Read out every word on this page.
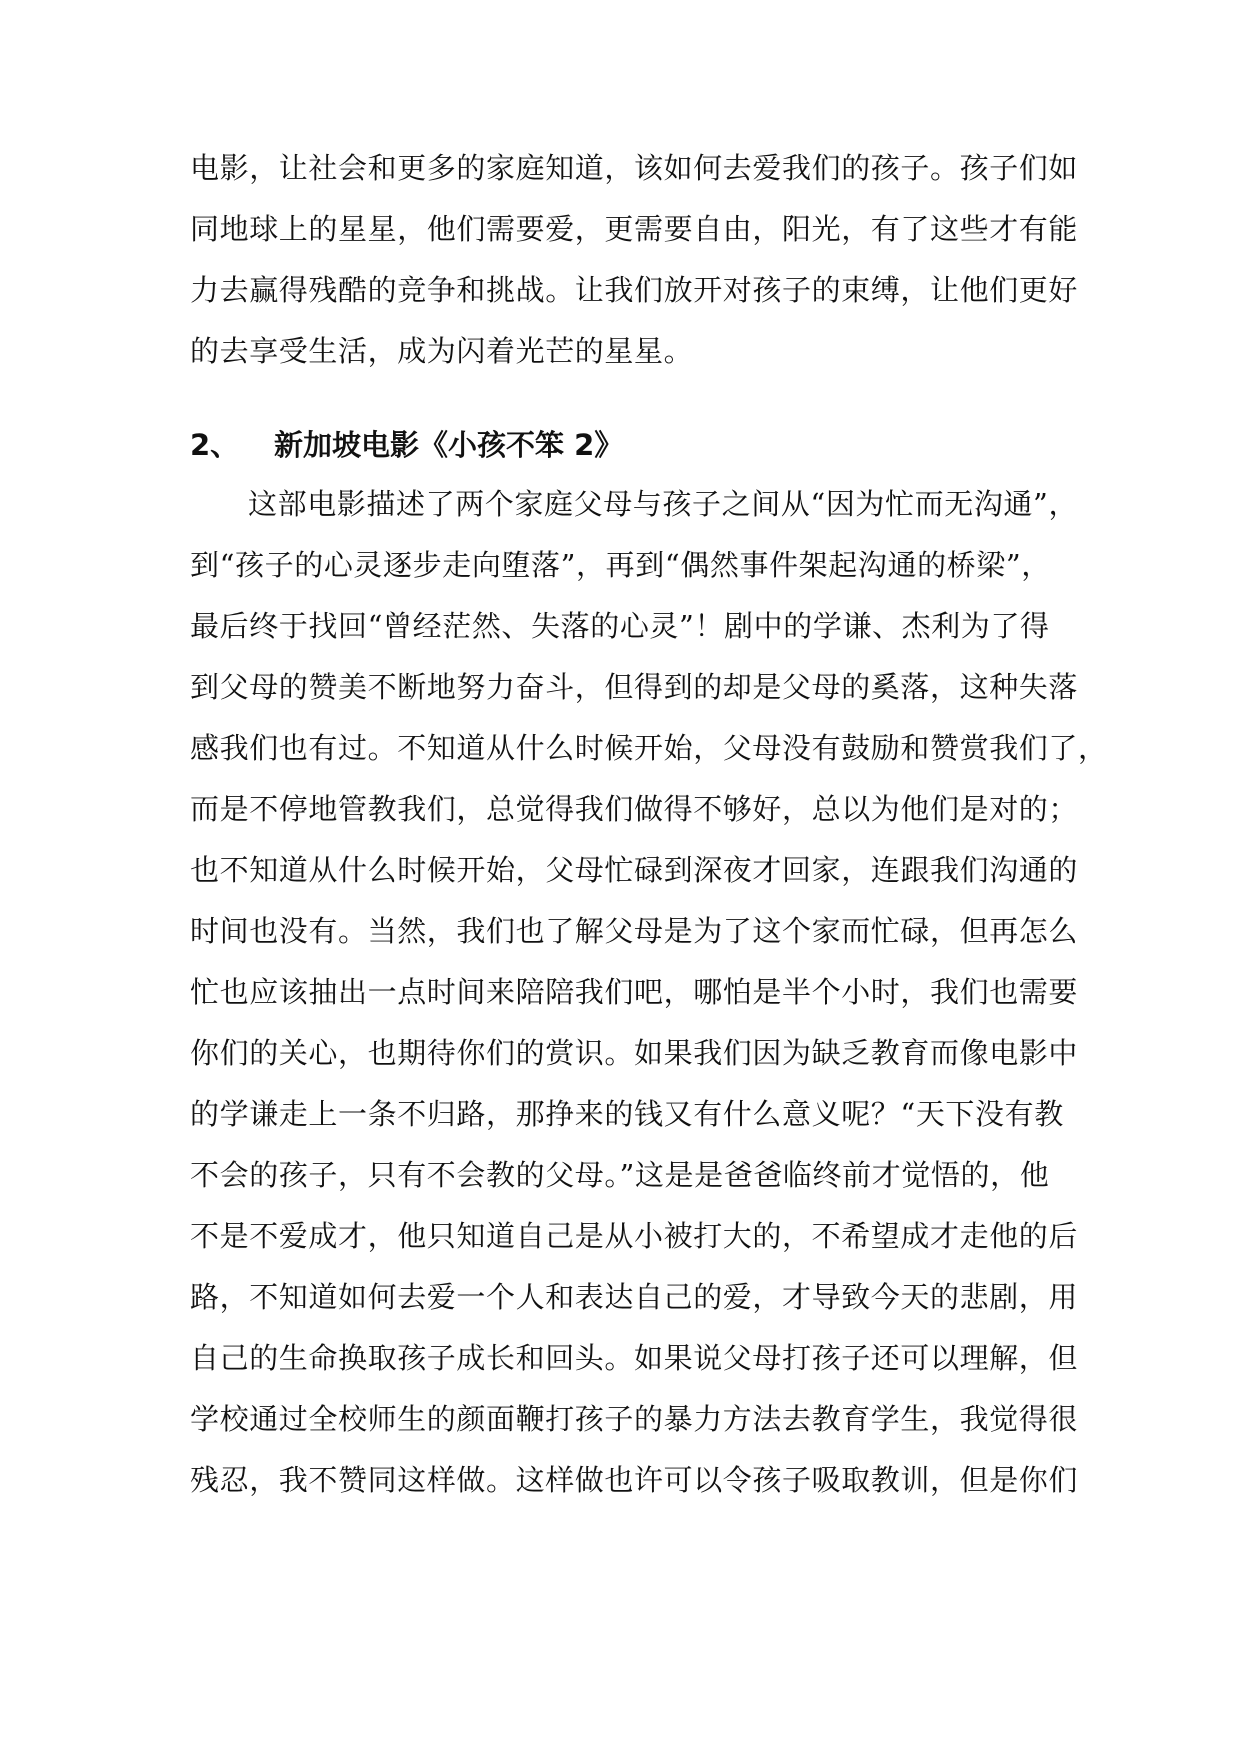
电影，让社会和更多的家庭知道，该如何去爱我们的孩子。孩子们如
同地球上的星星，他们需要爱，更需要自由，阳光，有了这些才有能
力去赢得残酷的竞争和挑战。让我们放开对孩子的束缚，让他们更好
的去享受生活，成为闪着光芒的星星。
2、 新加坡电影《小孩不笨 2》
这部电影描述了两个家庭父母与孩子之间从“因为忙而无沟通”，
到“孩子的心灵逐步走向堕落”，再到“偶然事件架起沟通的桥梁”，
最后终于找回“曾经茫然、失落的心灵”！剧中的学谦、杰利为了得
到父母的赞美不断地努力奋斗，但得到的却是父母的奚落，这种失落
感我们也有过。不知道从什么时候开始，父母没有鼓励和赞赏我们了，
而是不停地管教我们，总觉得我们做得不够好，总以为他们是对的；
也不知道从什么时候开始，父母忙碌到深夜才回家，连跟我们沟通的
时间也没有。当然，我们也了解父母是为了这个家而忙碌，但再怎么
忙也应该抽出一点时间来陪陪我们吧，哪怕是半个小时，我们也需要
你们的关心，也期待你们的赏识。如果我们因为缺乏教育而像电影中
的学谦走上一条不归路，那挣来的钱又有什么意义呢？“天下没有教
不会的孩子，只有不会教的父母。”这是是爸爸临终前才觉悟的，他
不是不爱成才，他只知道自己是从小被打大的，不希望成才走他的后
路，不知道如何去爱一个人和表达自己的爱，才导致今天的悲剧，用
自己的生命换取孩子成长和回头。如果说父母打孩子还可以理解，但
学校通过全校师生的颜面鞭打孩子的暴力方法去教育学生，我觉得很
残忍，我不赞同这样做。这样做也许可以令孩子吸取教训，但是你们
